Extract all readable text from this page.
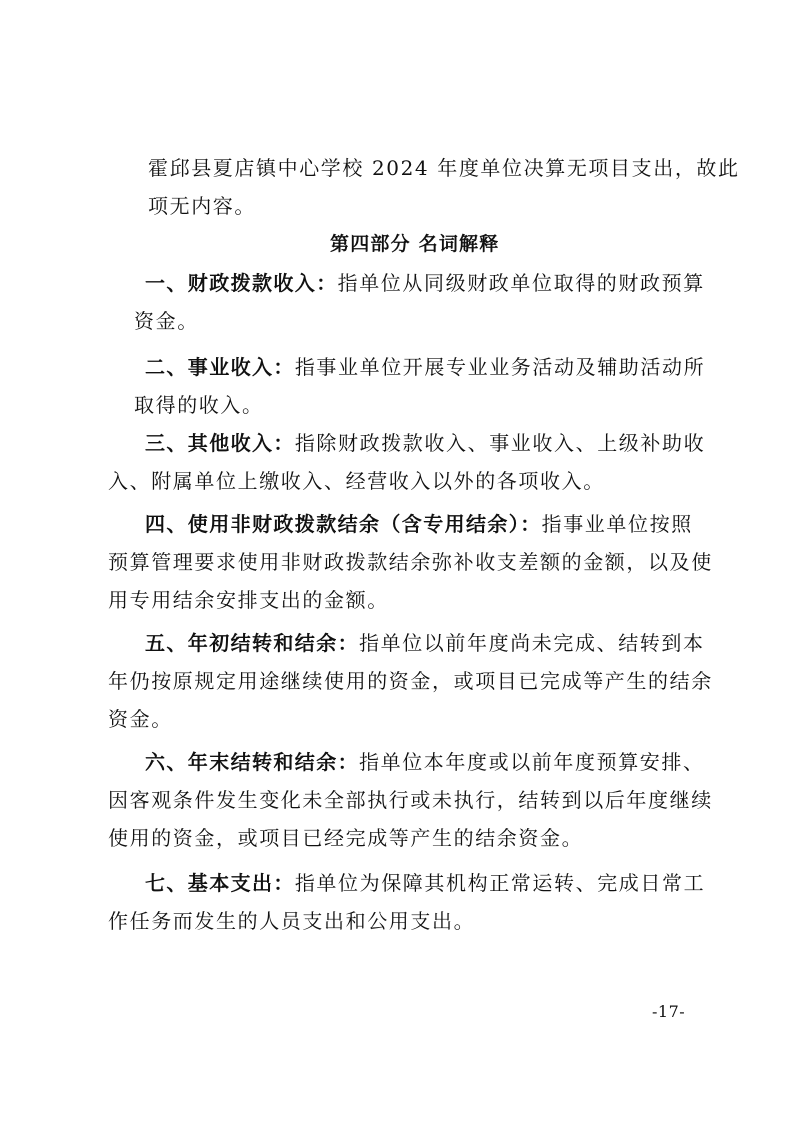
霍邱县夏店镇中心学校 2024 年度单位决算无项目支出，故此
项无内容。
第四部分 名词解释
一、财政拨款收入：指单位从同级财政单位取得的财政预算
资金。
二、事业收入：指事业单位开展专业业务活动及辅助活动所
取得的收入。
三、其他收入：指除财政拨款收入、事业收入、上级补助收
入、附属单位上缴收入、经营收入以外的各项收入。
四、使用非财政拨款结余（含专用结余）：指事业单位按照
预算管理要求使用非财政拨款结余弥补收支差额的金额，以及使
用专用结余安排支出的金额。
五、年初结转和结余：指单位以前年度尚未完成、结转到本
年仍按原规定用途继续使用的资金，或项目已完成等产生的结余
资金。
六、年末结转和结余：指单位本年度或以前年度预算安排、
因客观条件发生变化未全部执行或未执行，结转到以后年度继续
使用的资金，或项目已经完成等产生的结余资金。
七、基本支出：指单位为保障其机构正常运转、完成日常工
作任务而发生的人员支出和公用支出。
-17-
